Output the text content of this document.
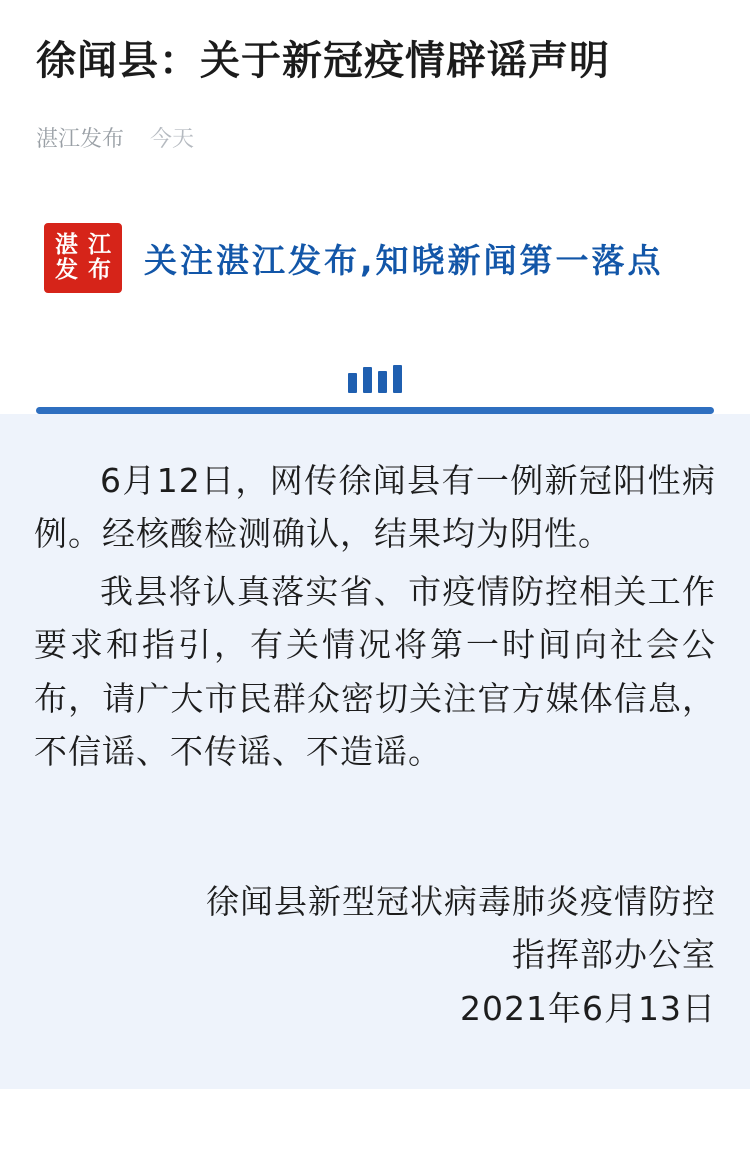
徐闻县：关于新冠疫情辟谣声明
湛江发布 今天
湛 江
发 布 关注湛江发布,知晓新闻第一落点

6月12日，网传徐闻县有一例新冠阳性病例。经核酸检测确认，结果均为阴性。

我县将认真落实省、市疫情防控相关工作要求和指引，有关情况将第一时间向社会公布，请广大市民群众密切关注官方媒体信息，不信谣、不传谣、不造谣。

徐闻县新型冠状病毒肺炎疫情防控
指挥部办公室
2021年6月13日
